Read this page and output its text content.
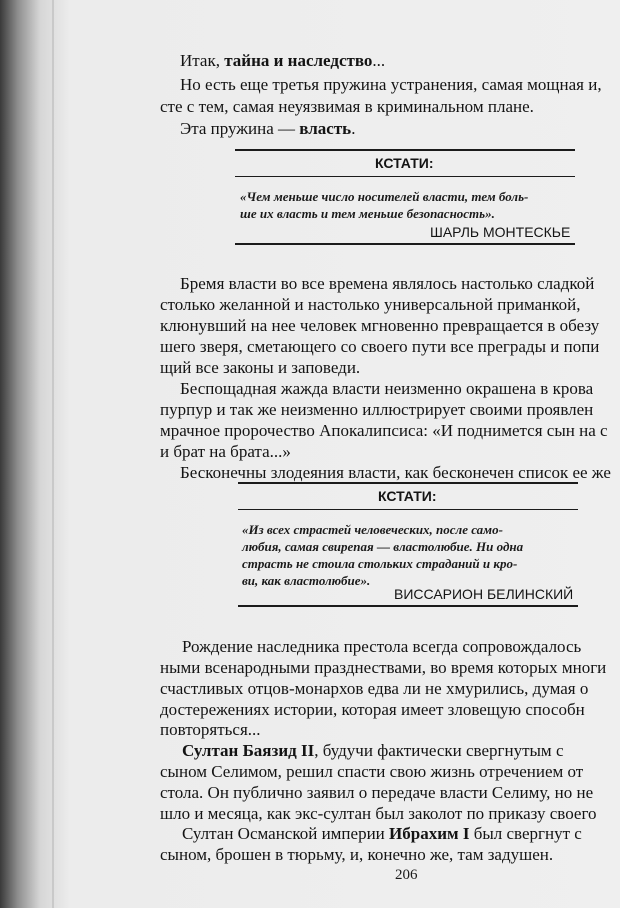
Итак, тайна и наследство...

Но есть еще третья пружина устранения, самая мощная и,

сте с тем, самая неуязвимая в криминальном плане.

Эта пружина — власть.

КСТАТИ:

«Чем меньше число носителей власти, тем боль-

ше их власть и тем меньше безопасность».

ШАРЛЬ МОНТЕСКЬЕ

Бремя власти во все времена являлось настолько сладкой

столько желанной и настолько универсальной приманкой,

клюнувший на нее человек мгновенно превращается в обезу

шего зверя, сметающего со своего пути все преграды и попи

щий все законы и заповеди.

Беспощадная жажда власти неизменно окрашена в крова

пурпур и так же неизменно иллюстрирует своими проявлен

мрачное пророчество Апокалипсиса: «И поднимется сын на с

и брат на брата...»

Бесконечны злодеяния власти, как бесконечен список ее же

КСТАТИ:

«Из всех страстей человеческих, после само-

любия, самая свирепая — властолюбие. Ни одна

страсть не стоила стольких страданий и кро-

ви, как властолюбие».

ВИССАРИОН БЕЛИНСКИЙ

Рождение наследника престола всегда сопровождалось

ными всенародными празднествами, во время которых многи

счастливых отцов-монархов едва ли не хмурились, думая о

достережениях истории, которая имеет зловещую способн

повторяться...

Султан Баязид II, будучи фактически свергнутым с

сыном Селимом, решил спасти свою жизнь отречением от

стола. Он публично заявил о передаче власти Селиму, но не

шло и месяца, как экс-султан был заколот по приказу своего

Султан Османской империи Ибрахим I был свергнут с

сыном, брошен в тюрьму, и, конечно же, там задушен.

206
